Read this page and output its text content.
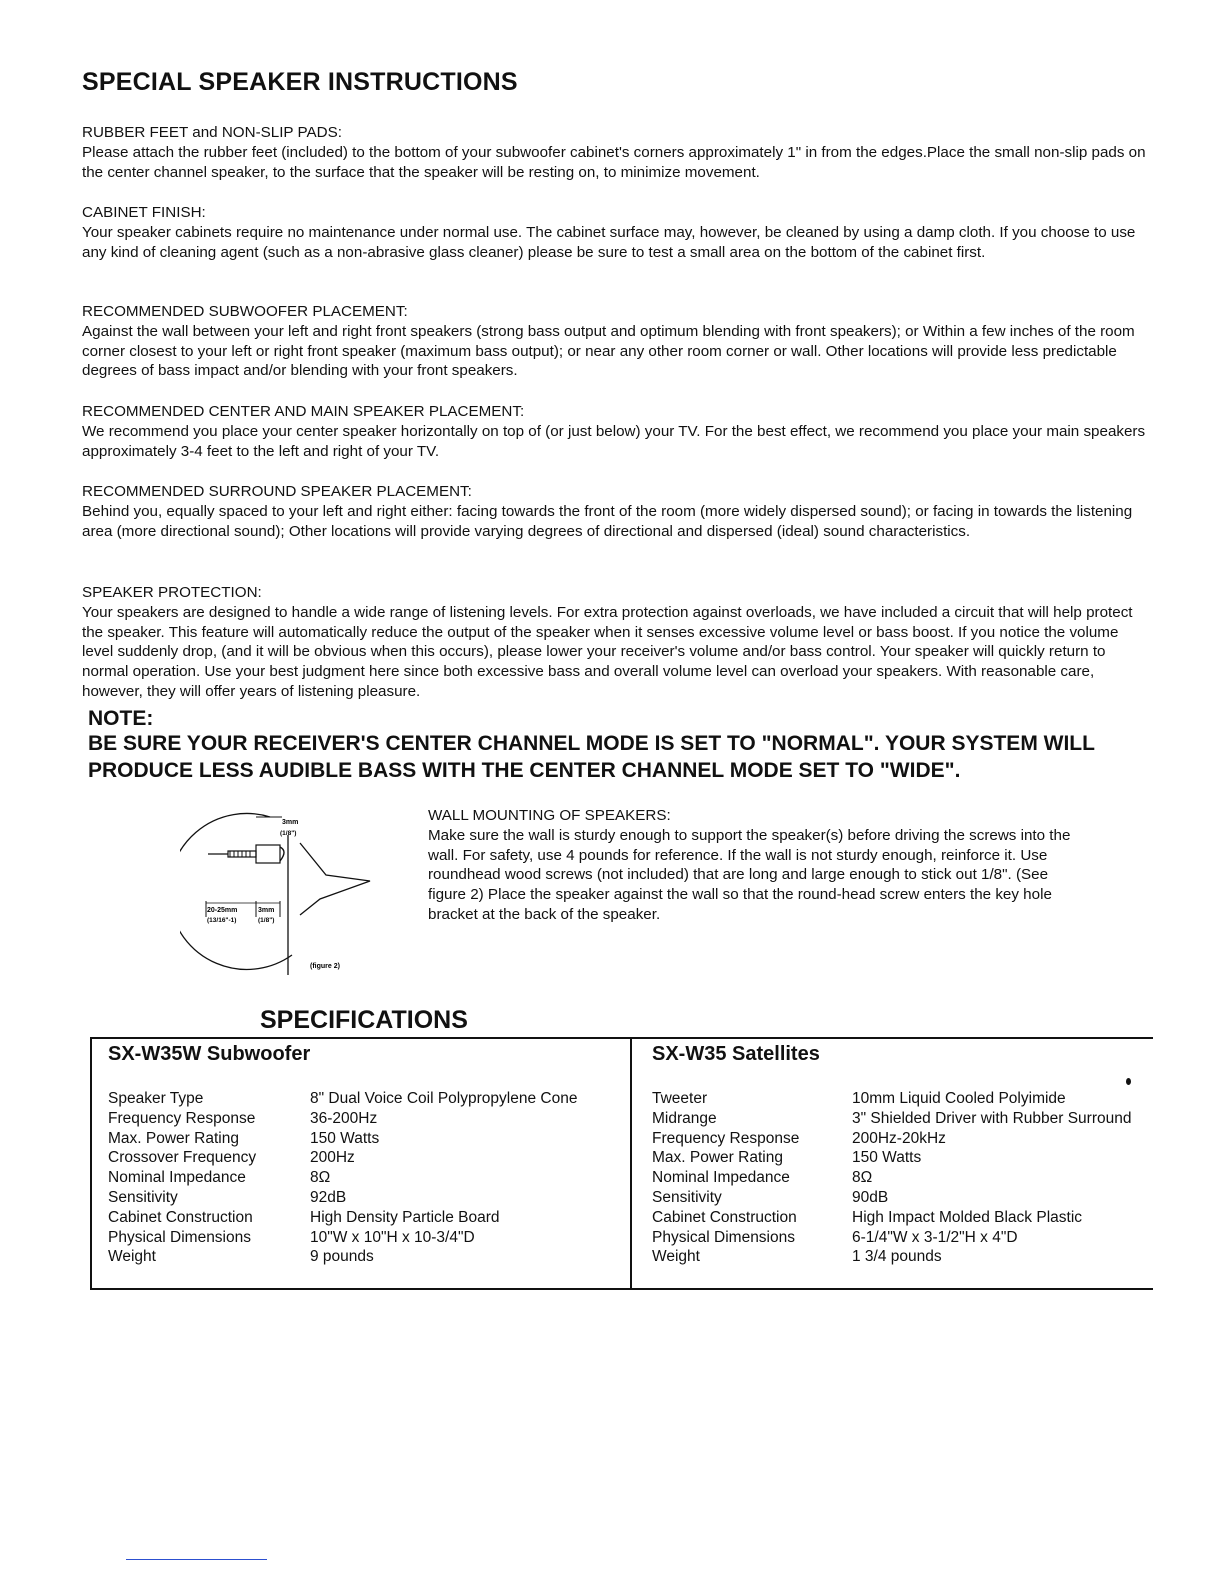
SPECIAL SPEAKER INSTRUCTIONS
RUBBER FEET and NON-SLIP PADS:
Please attach the rubber feet (included) to the bottom of your subwoofer cabinet's corners approximately 1" in from the edges.Place the small non-slip pads on the center channel speaker, to the surface that the speaker will be resting on, to minimize movement.
CABINET FINISH:
Your speaker cabinets require no maintenance under normal use. The cabinet surface may, however, be cleaned by using a damp cloth. If you choose to use any kind of cleaning agent (such as a non-abrasive glass cleaner) please be sure to test a small area on the bottom of the cabinet first.
RECOMMENDED SUBWOOFER PLACEMENT:
Against the wall between your left and right front speakers (strong bass output and optimum blending with front speakers); or Within a few inches of the room corner closest to your left or right front speaker (maximum bass output); or near any other room corner or wall. Other locations will provide less predictable degrees of bass impact and/or blending with your front speakers.
RECOMMENDED CENTER AND MAIN SPEAKER PLACEMENT:
We recommend you place your center speaker horizontally on top of (or just below) your TV. For the best effect, we recommend you place your main speakers approximately 3-4 feet to the left and right of your TV.
RECOMMENDED SURROUND SPEAKER PLACEMENT:
Behind you, equally spaced to your left and right either: facing towards the front of the room (more widely dispersed sound); or facing in towards the listening area (more directional sound); Other locations will provide varying degrees of directional and dispersed (ideal) sound characteristics.
SPEAKER PROTECTION:
Your speakers are designed to handle a wide range of listening levels. For extra protection against overloads, we have included a circuit that will help protect the speaker. This feature will automatically reduce the output of the speaker when it senses excessive volume level or bass boost. If you notice the volume level suddenly drop, (and it will be obvious when this occurs), please lower your receiver's volume and/or bass control. Your speaker will quickly return to normal operation. Use your best judgment here since both excessive bass and overall volume level can overload your speakers. With reasonable care, however, they will offer years of listening pleasure.
NOTE:
BE SURE YOUR RECEIVER'S CENTER CHANNEL MODE IS SET TO "NORMAL". YOUR SYSTEM WILL PRODUCE LESS AUDIBLE BASS WITH THE CENTER CHANNEL MODE SET TO "WIDE".
3mm
(1/8")
20-25mm
(13/16"-1)
3mm
(1/8")
(figure 2)
WALL MOUNTING OF SPEAKERS:
Make sure the wall is sturdy enough to support the speaker(s) before driving the screws into the wall. For safety, use 4 pounds for reference. If the wall is not sturdy enough, reinforce it. Use roundhead wood screws (not included) that are long and large enough to stick out 1/8". (See figure 2) Place the speaker against the wall so that the round-head screw enters the key hole bracket at the back of the speaker.
SPECIFICATIONS
SX-W35W Subwoofer
Speaker Type	8" Dual Voice Coil Polypropylene Cone
Frequency Response	36-200Hz
Max. Power Rating	150 Watts
Crossover Frequency	200Hz
Nominal Impedance	8Ω
Sensitivity	92dB
Cabinet Construction	High Density Particle Board
Physical Dimensions	10"W x 10"H x 10-3/4"D
Weight	9 pounds
SX-W35 Satellites
Tweeter	10mm Liquid Cooled Polyimide
Midrange	3" Shielded Driver with Rubber Surround
Frequency Response	200Hz-20kHz
Max. Power Rating	150 Watts
Nominal Impedance	8Ω
Sensitivity	90dB
Cabinet Construction	High Impact Molded Black Plastic
Physical Dimensions	6-1/4"W x 3-1/2"H x 4"D
Weight	1 3/4 pounds
